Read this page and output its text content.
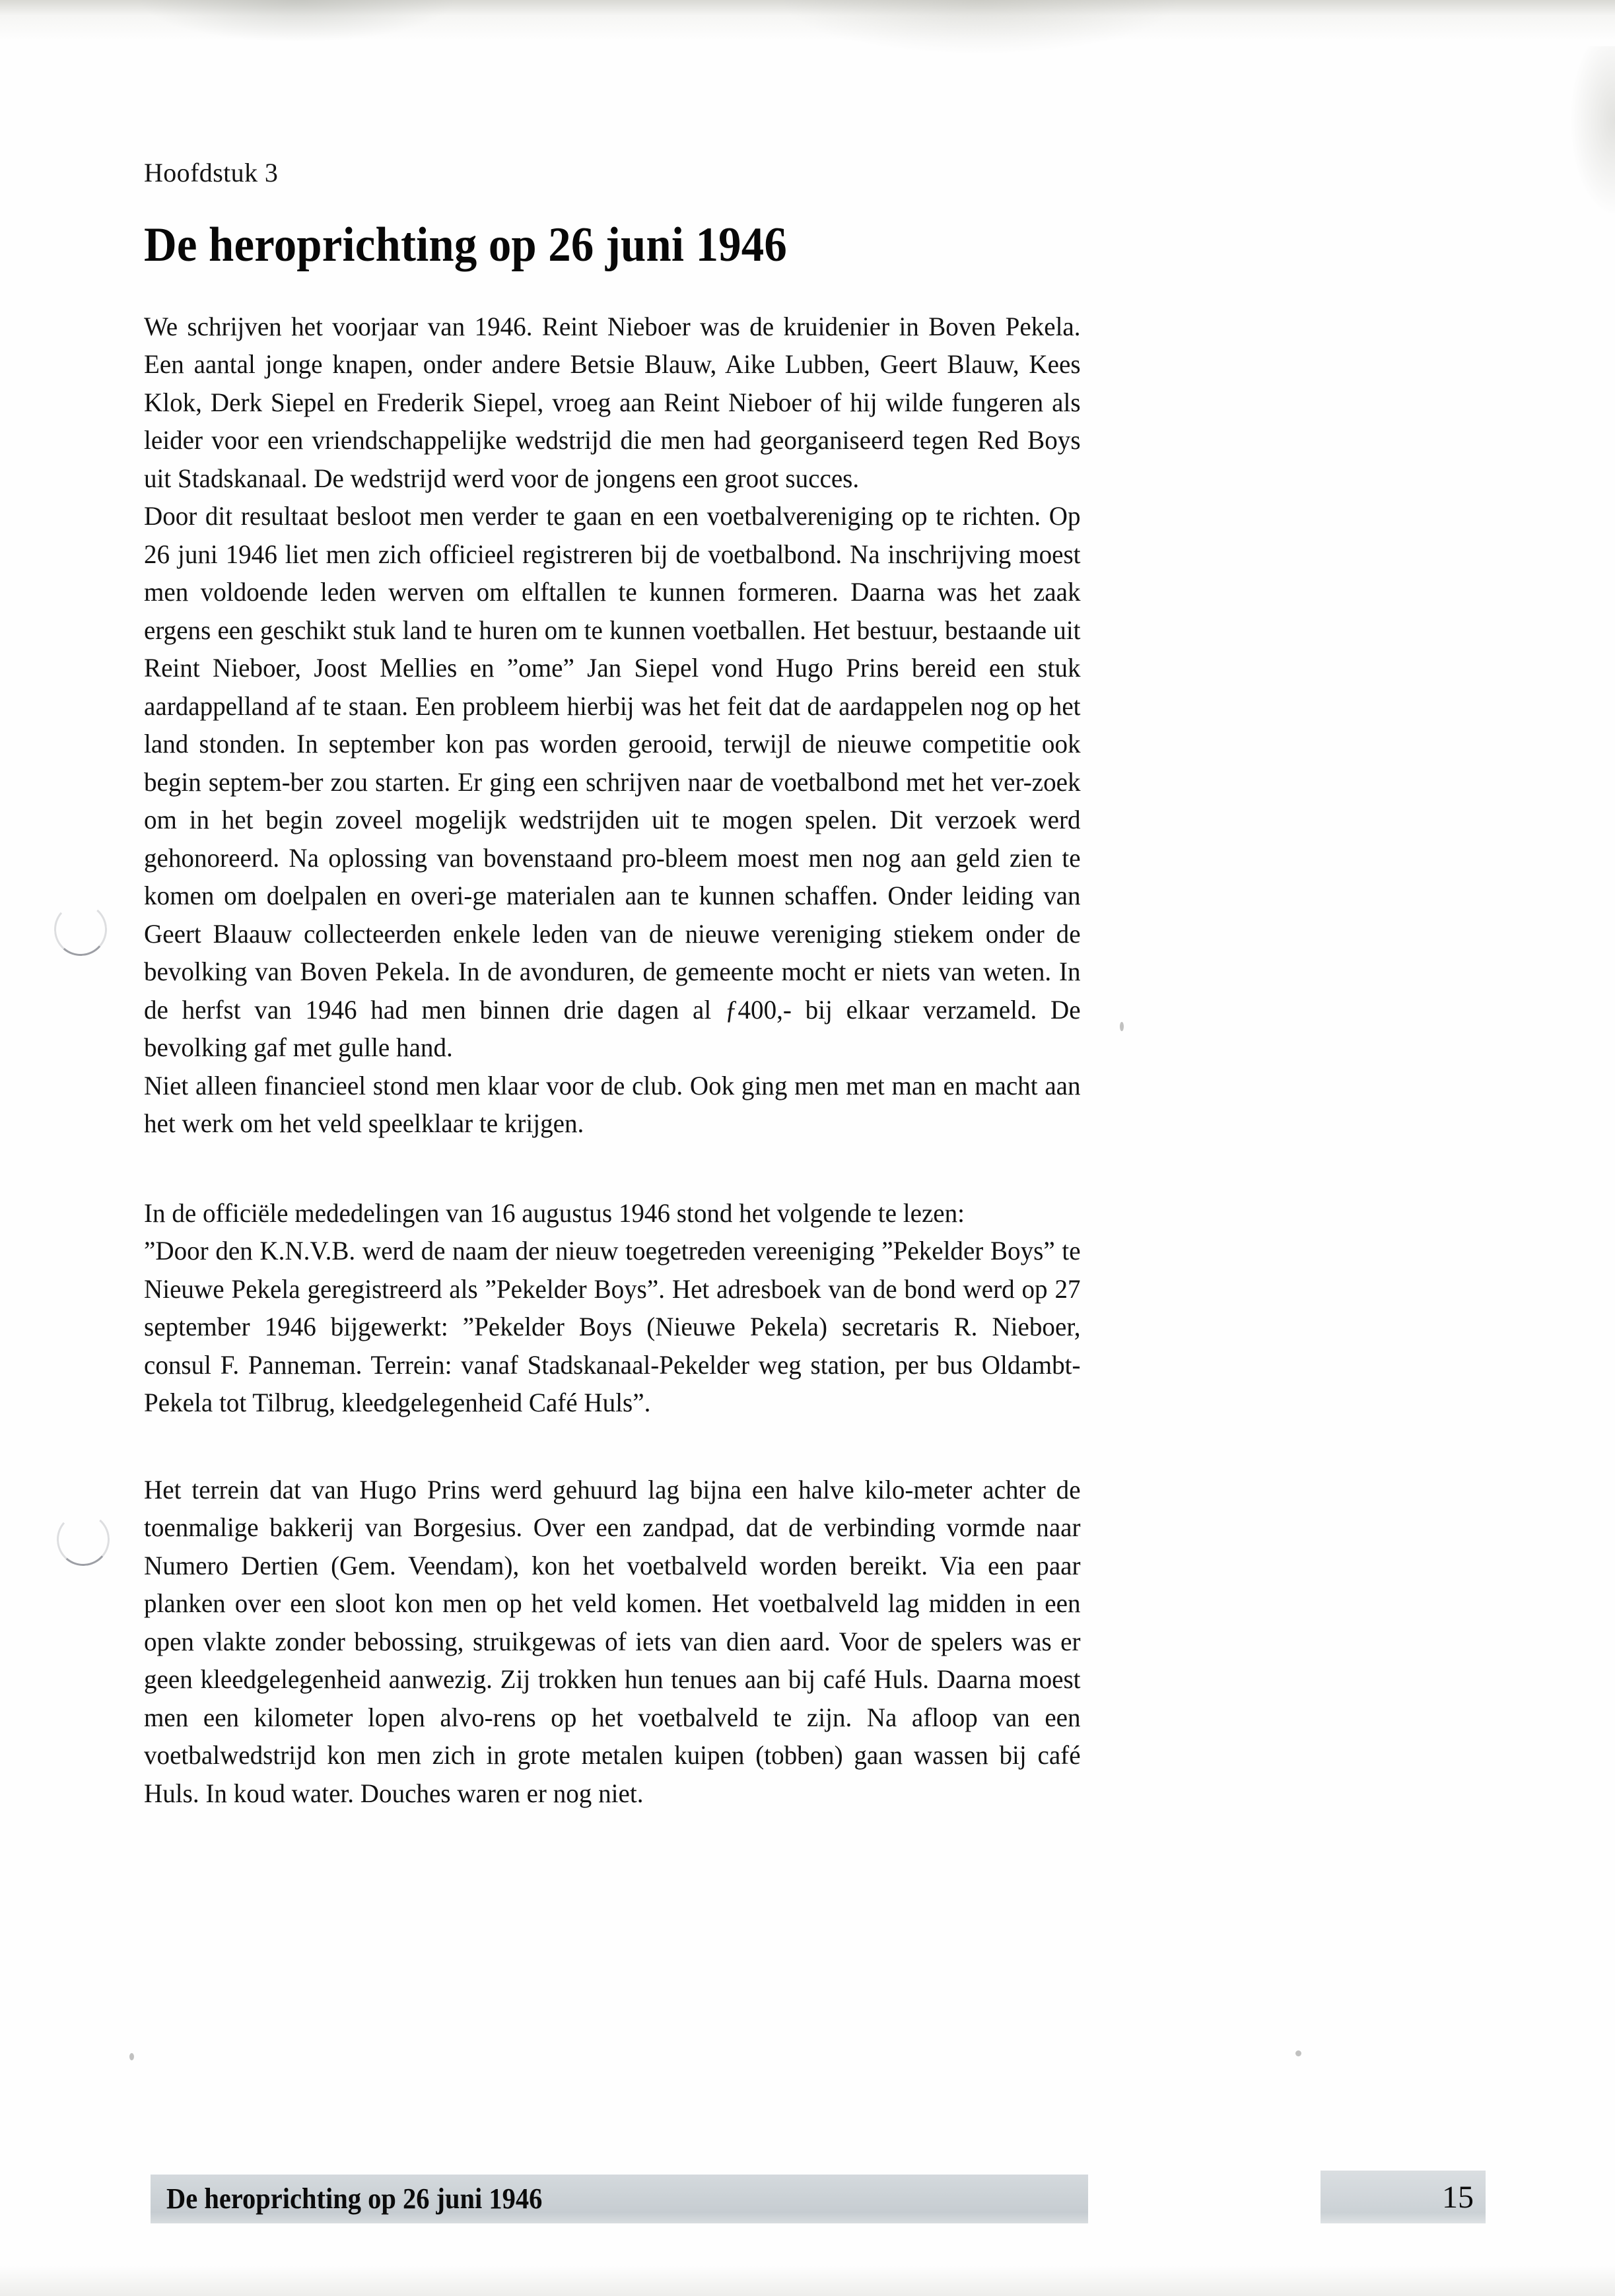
Hoofdstuk 3
De heroprichting op 26 juni 1946

We schrijven het voorjaar van 1946. Reint Nieboer was de kruidenier in Boven Pekela. Een aantal jonge knapen, onder andere Betsie Blauw, Aike Lubben, Geert Blauw, Kees Klok, Derk Siepel en Frederik Siepel, vroeg aan Reint Nieboer of hij wilde fungeren als leider voor een vriendschappelijke wedstrijd die men had georganiseerd tegen Red Boys uit Stadskanaal. De wedstrijd werd voor de jongens een groot succes.

Door dit resultaat besloot men verder te gaan en een voetbalvereniging op te richten. Op 26 juni 1946 liet men zich officieel registreren bij de voetbalbond. Na inschrijving moest men voldoende leden werven om elftallen te kunnen formeren. Daarna was het zaak ergens een geschikt stuk land te huren om te kunnen voetballen. Het bestuur, bestaande uit Reint Nieboer, Joost Mellies en ”ome” Jan Siepel vond Hugo Prins bereid een stuk aardappelland af te staan. Een probleem hierbij was het feit dat de aardappelen nog op het land stonden. In september kon pas worden gerooid, terwijl de nieuwe competitie ook begin septem-​ber zou starten. Er ging een schrijven naar de voetbalbond met het ver-​zoek om in het begin zoveel mogelijk wedstrijden uit te mogen spelen. Dit verzoek werd gehonoreerd. Na oplossing van bovenstaand pro-​bleem moest men nog aan geld zien te komen om doelpalen en overi-​ge materialen aan te kunnen schaffen. Onder leiding van Geert Blaauw collecteerden enkele leden van de nieuwe vereniging stiekem onder de bevolking van Boven Pekela. In de avonduren, de gemeente mocht er niets van weten. In de herfst van 1946 had men binnen drie dagen al ƒ400,- bij elkaar verzameld. De bevolking gaf met gulle hand.

Niet alleen financieel stond men klaar voor de club. Ook ging men met man en macht aan het werk om het veld speelklaar te krijgen.

In de officiële mededelingen van 16 augustus 1946 stond het volgende te lezen:

”Door den K.N.V.B. werd de naam der nieuw toegetreden vereeniging ”Pekelder Boys” te Nieuwe Pekela geregistreerd als ”Pekelder Boys”. Het adresboek van de bond werd op 27 september 1946 bijgewerkt: ”Pekelder Boys (Nieuwe Pekela) secretaris R. Nieboer, consul F. Panneman. Terrein: vanaf Stadskanaal-Pekelder weg station, per bus Oldambt-Pekela tot Tilbrug, kleedgelegenheid Café Huls”.

Het terrein dat van Hugo Prins werd gehuurd lag bijna een halve kilo-​meter achter de toenmalige bakkerij van Borgesius. Over een zandpad, dat de verbinding vormde naar Numero Dertien (Gem. Veendam), kon het voetbalveld worden bereikt. Via een paar planken over een sloot kon men op het veld komen. Het voetbalveld lag midden in een open vlakte zonder bebossing, struikgewas of iets van dien aard. Voor de spelers was er geen kleedgelegenheid aanwezig. Zij trokken hun tenues aan bij café Huls. Daarna moest men een kilometer lopen alvo-​rens op het voetbalveld te zijn. Na afloop van een voetbalwedstrijd kon men zich in grote metalen kuipen (tobben) gaan wassen bij café Huls. In koud water. Douches waren er nog niet.

De heroprichting op 26 juni 1946	15
